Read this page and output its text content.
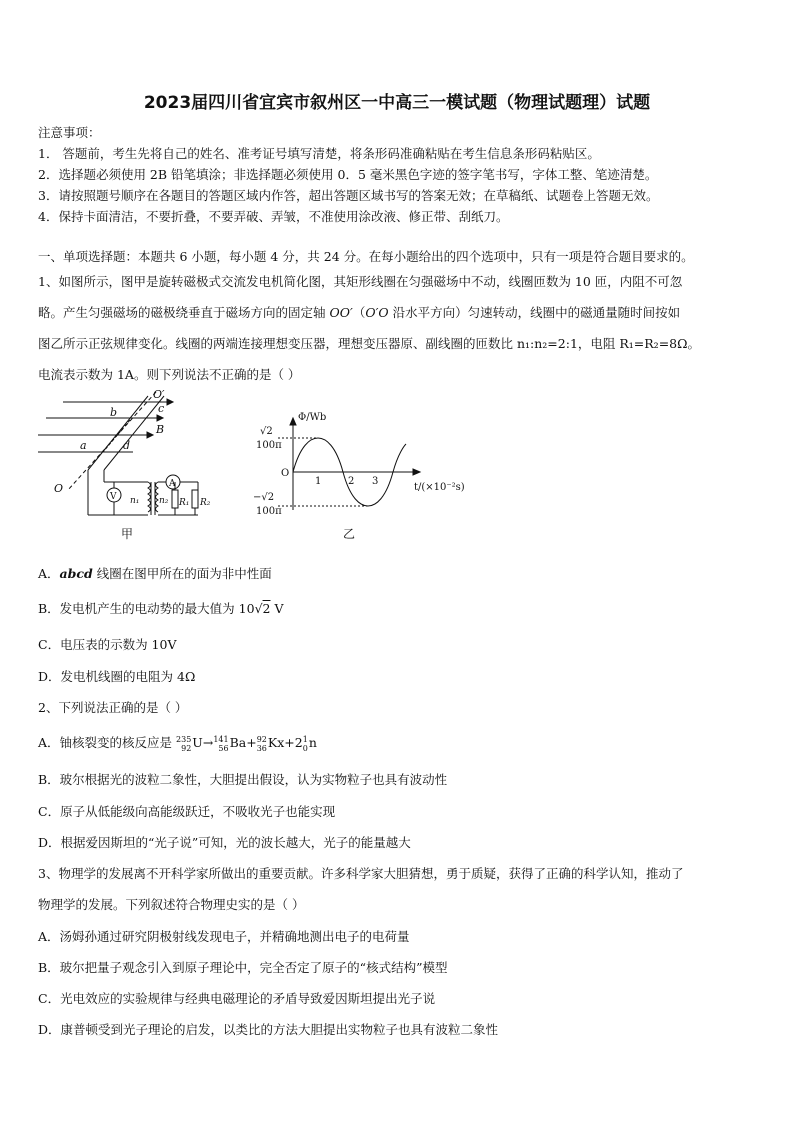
2023届四川省宜宾市叙州区一中高三一模试题（物理试题理）试题
注意事项：
1． 答题前，考生先将自己的姓名、准考证号填写清楚，将条形码准确粘贴在考生信息条形码粘贴区。
2．选择题必须使用 2B 铅笔填涂；非选择题必须使用 0．5 毫米黑色字迹的签字笔书写，字体工整、笔迹清楚。
3．请按照题号顺序在各题目的答题区域内作答，超出答题区域书写的答案无效；在草稿纸、试题卷上答题无效。
4．保持卡面清洁，不要折叠，不要弄破、弄皱，不准使用涂改液、修正带、刮纸刀。
一、单项选择题：本题共 6 小题，每小题 4 分，共 24 分。在每小题给出的四个选项中，只有一项是符合题目要求的。
1、如图所示，图甲是旋转磁极式交流发电机简化图，其矩形线圈在匀强磁场中不动，线圈匝数为 10 匝，内阻不可忽
略。产生匀强磁场的磁极绕垂直于磁场方向的固定轴 OO′（O′O 沿水平方向）匀速转动，线圈中的磁通量随时间按如
图乙所示正弦规律变化。线圈的两端连接理想变压器，理想变压器原、副线圈的匝数比 n₁:n₂=2:1，电阻 R₁=R₂=8Ω。
电流表示数为 1A。则下列说法不正确的是（ ）
O′
b	c
B
a	d
O	A
V n₁ n₂ R₁ R₂
甲
Φ/Wb
√2
100π
O
−√2
100π
1	2 3
t/(×10⁻²s)
乙
A．abcd 线圈在图甲所在的面为非中性面
B．发电机产生的电动势的最大值为 10√2 V
C．电压表的示数为 10V
D．发电机线圈的电阻为 4Ω
2、下列说法正确的是（ ）
A．铀核裂变的核反应是 235
92U→141
56Ba+92
36Kx+21
0n
B．玻尔根据光的波粒二象性，大胆提出假设，认为实物粒子也具有波动性
C．原子从低能级向高能级跃迁，不吸收光子也能实现
D．根据爱因斯坦的“光子说”可知，光的波长越大，光子的能量越大
3、物理学的发展离不开科学家所做出的重要贡献。许多科学家大胆猜想，勇于质疑，获得了正确的科学认知，推动了
物理学的发展。下列叙述符合物理史实的是（ ）
A．汤姆孙通过研究阴极射线发现电子，并精确地测出电子的电荷量
B．玻尔把量子观念引入到原子理论中，完全否定了原子的“核式结构”模型
C．光电效应的实验规律与经典电磁理论的矛盾导致爱因斯坦提出光子说
D．康普顿受到光子理论的启发，以类比的方法大胆提出实物粒子也具有波粒二象性
